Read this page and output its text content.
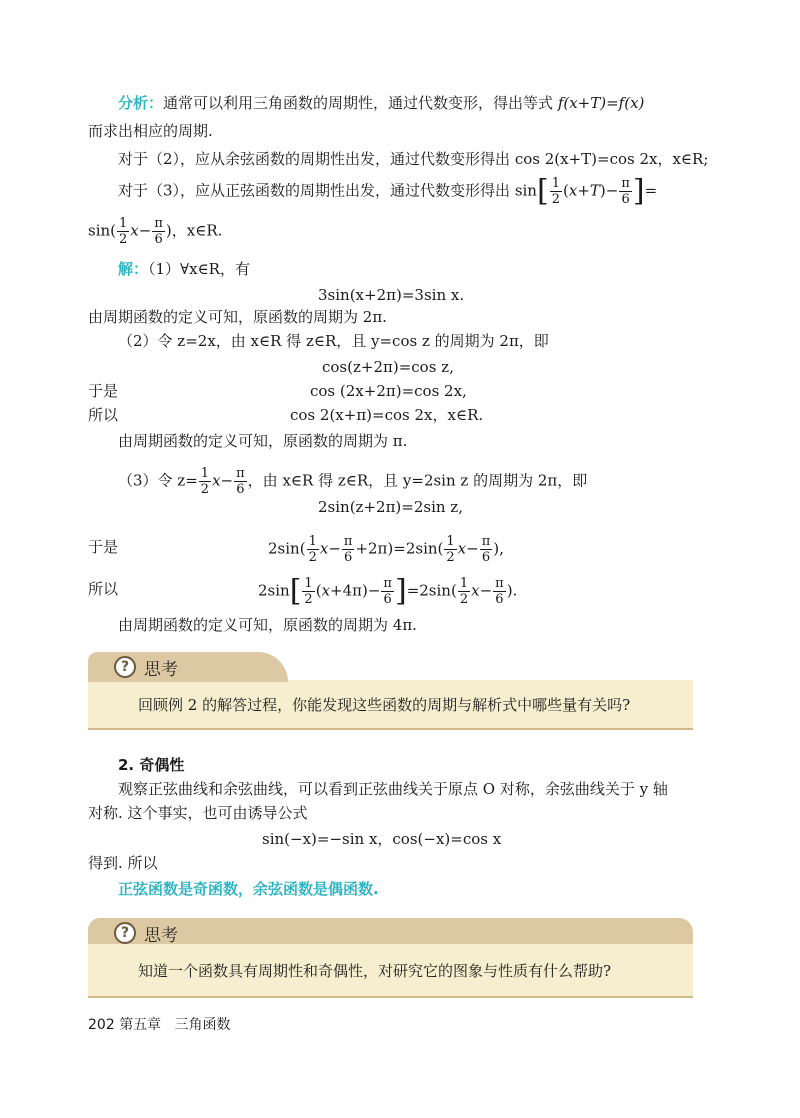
分析：通常可以利用三角函数的周期性，通过代数变形，得出等式 f(x+T)=f(x)
而求出相应的周期.
对于（2），应从余弦函数的周期性出发，通过代数变形得出 cos 2(x+T)=cos 2x，x∈R;
对于（3），应从正弦函数的周期性出发，通过代数变形得出 $\sin[ \frac{1}{2} (x+T)- \frac{\pi}{6}$ ]=
$\sin( \frac{1}{2} x- \frac{\pi}{6}$ )，x∈R.
解：（1）∀x∈R，有
3sin(x+2π)=3sin x.
由周期函数的定义可知，原函数的周期为 2π.
（2）令 z=2x，由 x∈R 得 z∈R，且 y=cos z 的周期为 2π，即
cos(z+2π)=cos z,
于是	cos (2x+2π)=cos 2x,
所以	cos 2(x+π)=cos 2x，x∈R.
由周期函数的定义可知，原函数的周期为 π.
（3）令 $z= \frac{1}{2} x- \frac{\pi}{6}$ ，由 x∈R 得 z∈R，且 y=2sin z 的周期为 2π，即
2sin(z+2π)=2sin z,
于是	$2\sin( \frac{1}{2} x- \frac{\pi}{6} +2\pi)=2\sin( \frac{1}{2} x- \frac{\pi}{6}$ ),
所以	$2\sin[ \frac{1}{2} (x+4\pi)- \frac{\pi}{6} ]=2\sin( \frac{1}{2} x- \frac{\pi}{6}$ ).
由周期函数的定义可知，原函数的周期为 4π.
? 思考
回顾例 2 的解答过程，你能发现这些函数的周期与解析式中哪些量有关吗?
2. 奇偶性
观察正弦曲线和余弦曲线，可以看到正弦曲线关于原点 O 对称，余弦曲线关于 y 轴
对称. 这个事实，也可由诱导公式
sin(−x)=−sin x，cos(−x)=cos x
得到. 所以
正弦函数是奇函数，余弦函数是偶函数.
? 思考
知道一个函数具有周期性和奇偶性，对研究它的图象与性质有什么帮助?
202 第五章 三角函数
